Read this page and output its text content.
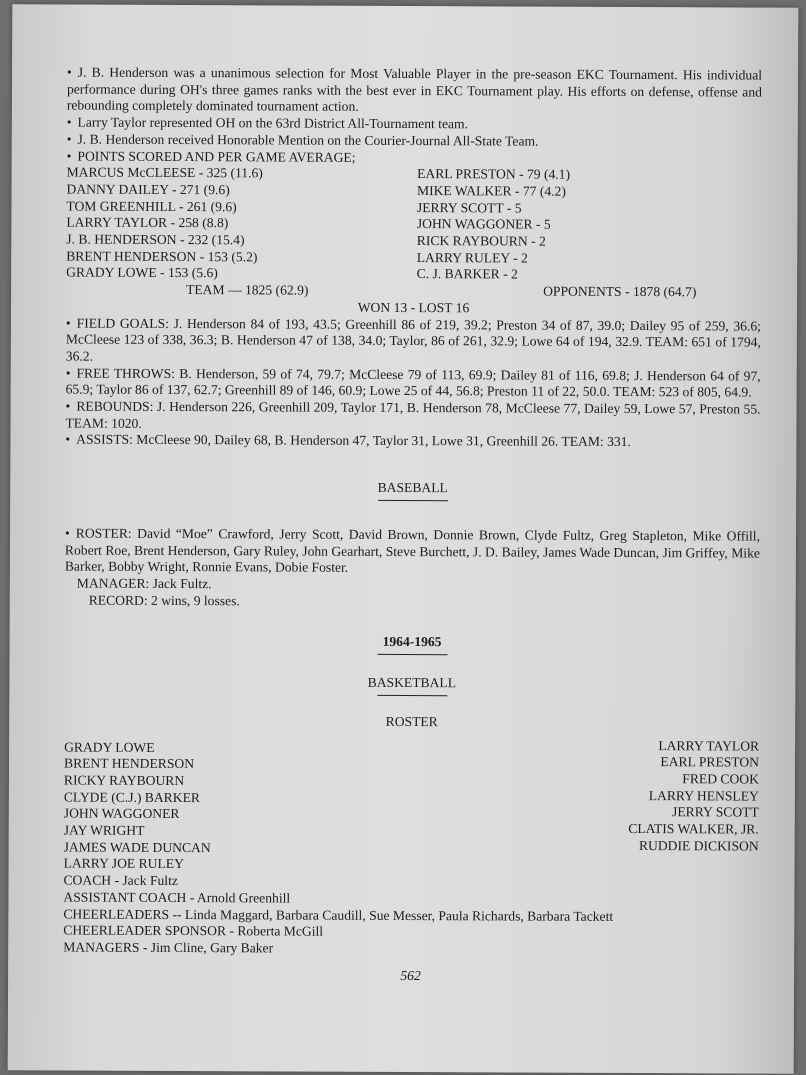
• J. B. Henderson was a unanimous selection for Most Valuable Player in the pre-season EKC Tournament. His individual performance during OH's three games ranks with the best ever in EKC Tournament play. His efforts on defense, offense and rebounding completely dominated tournament action.

• Larry Taylor represented OH on the 63rd District All-Tournament team.

• J. B. Henderson received Honorable Mention on the Courier-Journal All-State Team.

• POINTS SCORED AND PER GAME AVERAGE;

MARCUS McCLEESE - 325 (11.6)
DANNY DAILEY - 271 (9.6)
TOM GREENHILL - 261 (9.6)
LARRY TAYLOR - 258 (8.8)
J. B. HENDERSON - 232 (15.4)
BRENT HENDERSON - 153 (5.2)
GRADY LOWE - 153 (5.6)
EARL PRESTON - 79 (4.1)
MIKE WALKER - 77 (4.2)
JERRY SCOTT - 5
JOHN WAGGONER - 5
RICK RAYBOURN - 2
LARRY RULEY - 2
C. J. BARKER - 2
TEAM — 1825 (62.9)	OPPONENTS - 1878 (64.7)
WON 13 - LOST 16

• FIELD GOALS: J. Henderson 84 of 193, 43.5; Greenhill 86 of 219, 39.2; Preston 34 of 87, 39.0; Dailey 95 of 259, 36.6; McCleese 123 of 338, 36.3; B. Henderson 47 of 138, 34.0; Taylor, 86 of 261, 32.9; Lowe 64 of 194, 32.9. TEAM: 651 of 1794, 36.2.

• FREE THROWS: B. Henderson, 59 of 74, 79.7; McCleese 79 of 113, 69.9; Dailey 81 of 116, 69.8; J. Henderson 64 of 97, 65.9; Taylor 86 of 137, 62.7; Greenhill 89 of 146, 60.9; Lowe 25 of 44, 56.8; Preston 11 of 22, 50.0. TEAM: 523 of 805, 64.9.

• REBOUNDS: J. Henderson 226, Greenhill 209, Taylor 171, B. Henderson 78, McCleese 77, Dailey 59, Lowe 57, Preston 55. TEAM: 1020.

• ASSISTS: McCleese 90, Dailey 68, B. Henderson 47, Taylor 31, Lowe 31, Greenhill 26. TEAM: 331.

BASEBALL

• ROSTER: David “Moe” Crawford, Jerry Scott, David Brown, Donnie Brown, Clyde Fultz, Greg Stapleton, Mike Offill, Robert Roe, Brent Henderson, Gary Ruley, John Gearhart, Steve Burchett, J. D. Bailey, James Wade Duncan, Jim Griffey, Mike Barker, Bobby Wright, Ronnie Evans, Dobie Foster.

MANAGER: Jack Fultz.
RECORD: 2 wins, 9 losses.
1964-1965
BASKETBALL
ROSTER
GRADY LOWE
BRENT HENDERSON
RICKY RAYBOURN
CLYDE (C.J.) BARKER
JOHN WAGGONER
JAY WRIGHT
JAMES WADE DUNCAN
LARRY JOE RULEY
LARRY TAYLOR
EARL PRESTON
FRED COOK
LARRY HENSLEY
JERRY SCOTT
CLATIS WALKER, JR.
RUDDIE DICKISON
COACH - Jack Fultz
ASSISTANT COACH - Arnold Greenhill
CHEERLEADERS -- Linda Maggard, Barbara Caudill, Sue Messer, Paula Richards, Barbara Tackett
CHEERLEADER SPONSOR - Roberta McGill
MANAGERS - Jim Cline, Gary Baker
562
